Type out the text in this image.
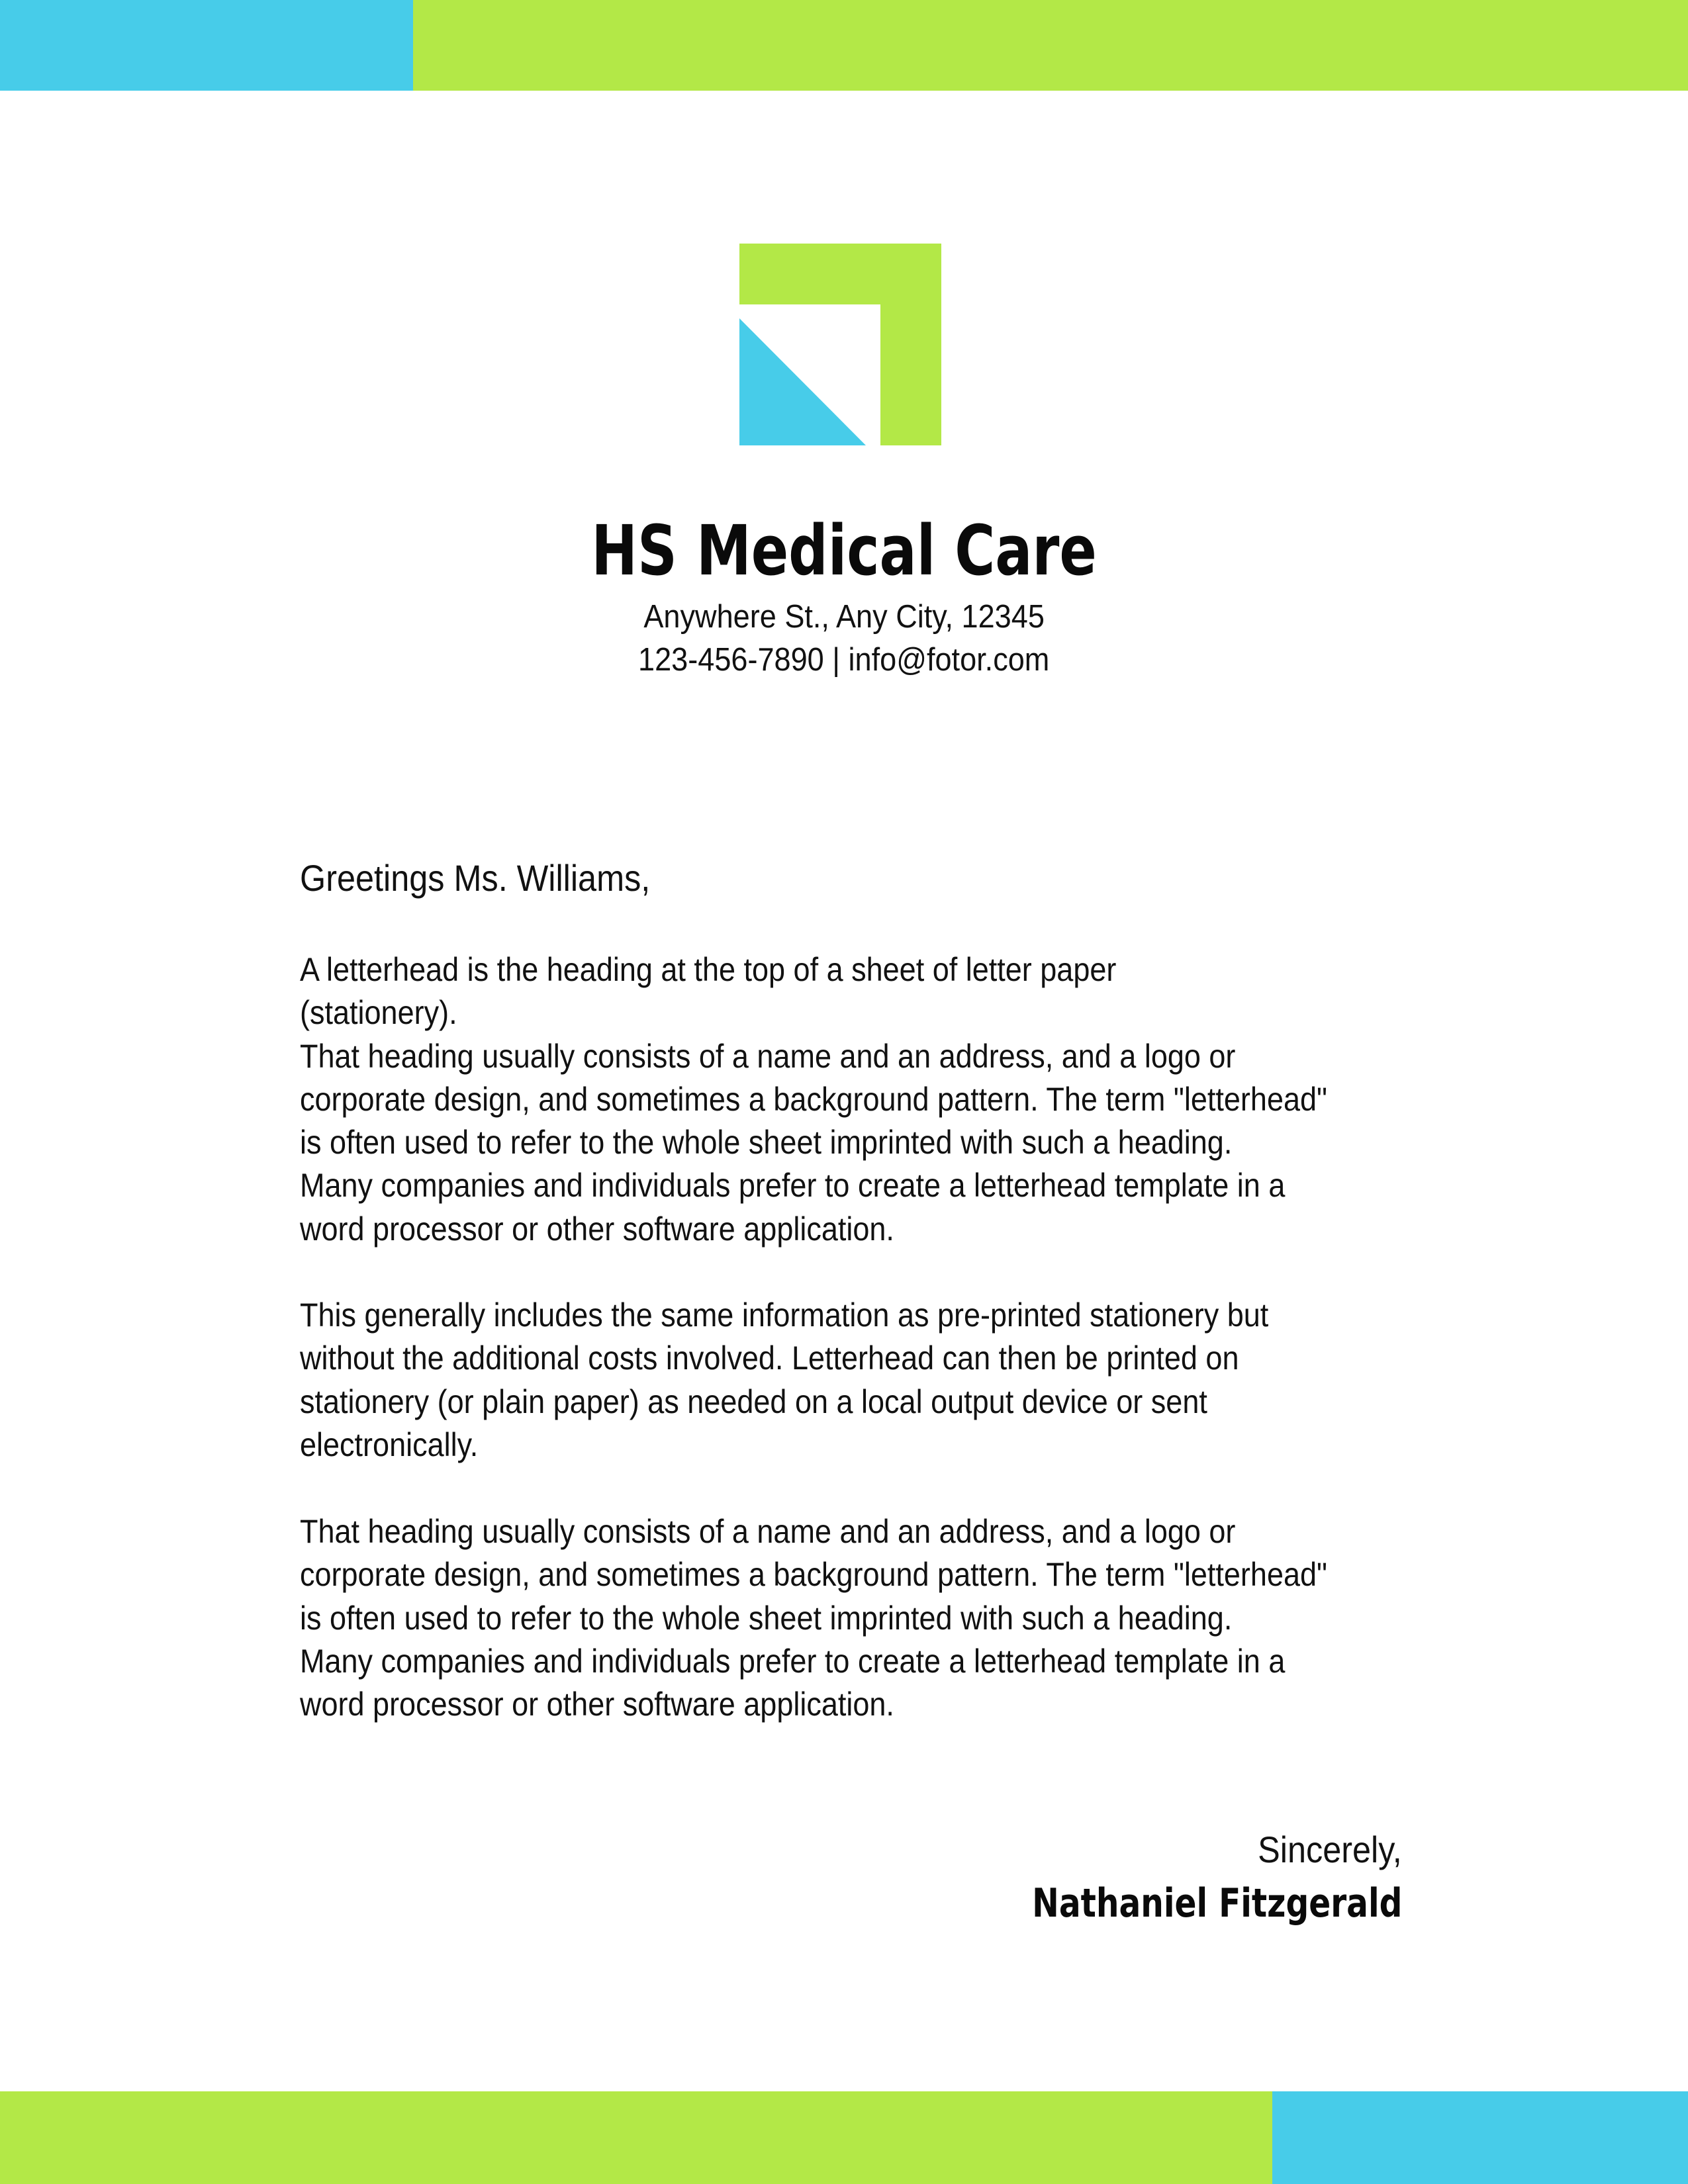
HS Medical Care
Anywhere St., Any City, 12345
123-456-7890 | info@fotor.com
Greetings Ms. Williams,
A letterhead is the heading at the top of a sheet of letter paper
(stationery).
That heading usually consists of a name and an address, and a logo or
corporate design, and sometimes a background pattern. The term "letterhead"
is often used to refer to the whole sheet imprinted with such a heading.
Many companies and individuals prefer to create a letterhead template in a
word processor or other software application.
This generally includes the same information as pre-printed stationery but
without the additional costs involved. Letterhead can then be printed on
stationery (or plain paper) as needed on a local output device or sent
electronically.
That heading usually consists of a name and an address, and a logo or
corporate design, and sometimes a background pattern. The term "letterhead"
is often used to refer to the whole sheet imprinted with such a heading.
Many companies and individuals prefer to create a letterhead template in a
word processor or other software application.
Sincerely,
Nathaniel Fitzgerald
